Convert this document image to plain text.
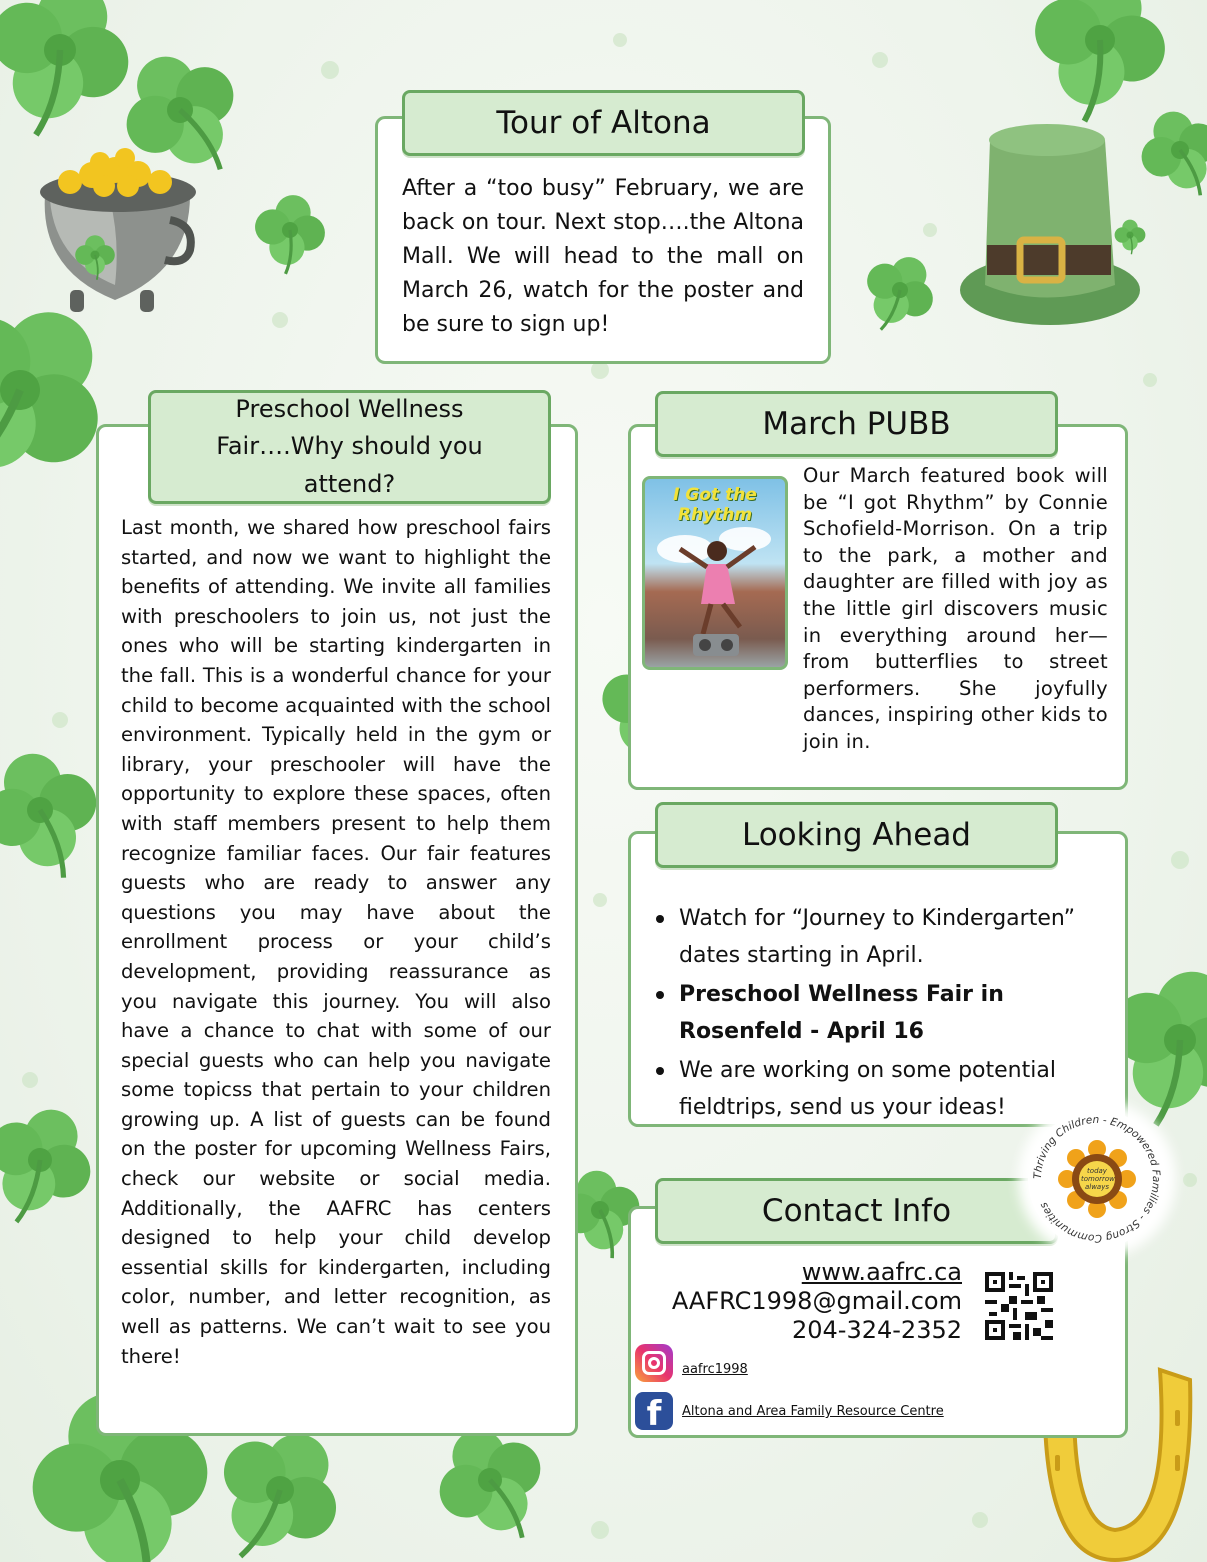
Tour of Altona
After a “too busy” February, we are back on tour. Next stop….the Altona Mall. We will head to the mall on March 26, watch for the poster and be sure to sign up!
Preschool Wellness Fair….Why should you attend?
Last month, we shared how preschool fairs started, and now we want to highlight the benefits of attending. We invite all families with preschoolers to join us, not just the ones who will be starting kindergarten in the fall. This is a wonderful chance for your child to become acquainted with the school environment. Typically held in the gym or library, your preschooler will have the opportunity to explore these spaces, often with staff members present to help them recognize familiar faces. Our fair features guests who are ready to answer any questions you may have about the enrollment process or your child’s development, providing reassurance as you navigate this journey. You will also have a chance to chat with some of our special guests who can help you navigate some topicss that pertain to your children growing up. A list of guests can be found on the poster for upcoming Wellness Fairs, check our website or social media. Additionally, the AAFRC has centers designed to help your child develop essential skills for kindergarten, including color, number, and letter recognition, as well as patterns. We can’t wait to see you there!
March PUBB
I Got the Rhythm
Our March featured book will be “I got Rhythm” by Connie Schofield-Morrison. On a trip to the park, a mother and daughter are filled with joy as the little girl discovers music in everything around her—from butterflies to street performers. She joyfully dances, inspiring other kids to join in.
Looking Ahead
Watch for “Journey to Kindergarten” dates starting in April.
Preschool Wellness Fair in Rosenfeld - April 16
We are working on some potential fieldtrips, send us your ideas!
Contact Info
www.aafrc.ca
AAFRC1998@gmail.com
204-324-2352
aafrc1998
f	Altona and Area Family Resource Centre
Thriving Children - Empowered Families - Strong Communities
today tomorrow always
